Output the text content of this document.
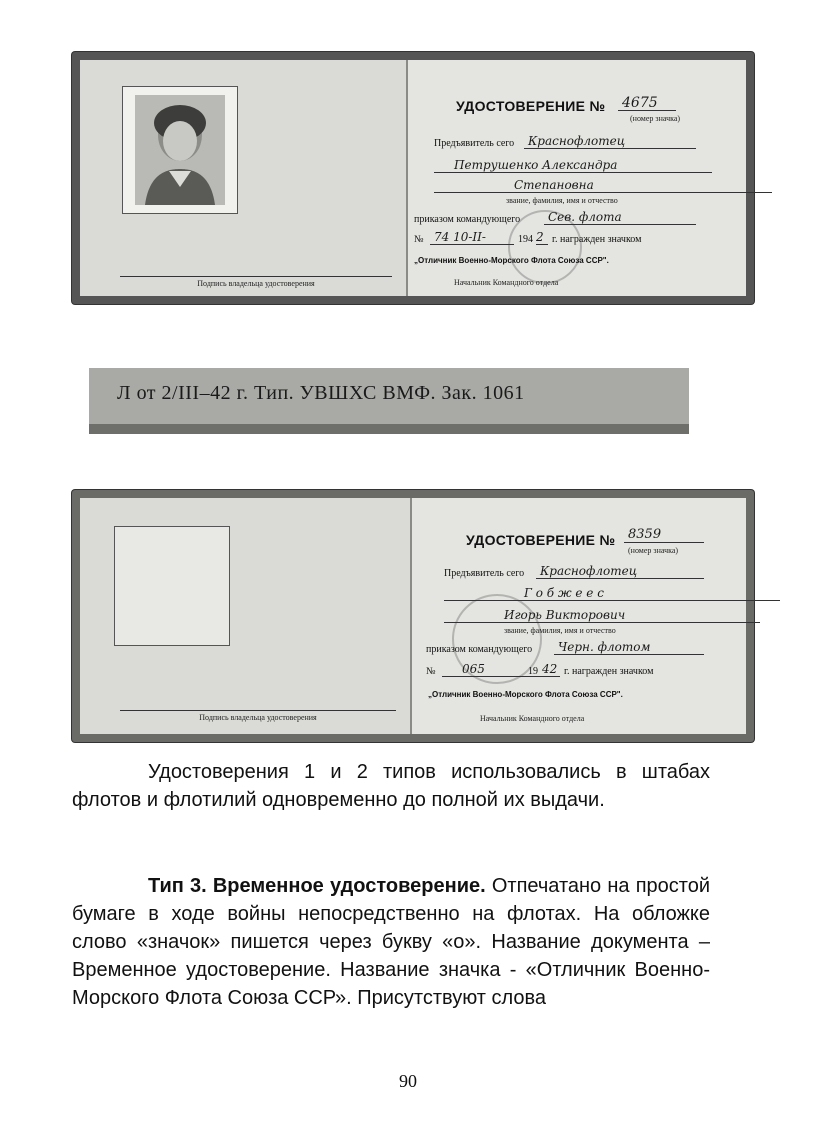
Подпись владельца удостоверения
УДОСТОВЕРЕНИЕ № 4675
(номер значка)
Предъявитель сего	Краснофлотец
Петрушенко Александра
Степановна
звание, фамилия, имя и отчество
приказом командующего	Сев. флота
№ 74 10-II-	194 2 г. награжден значком
„Отличник Военно-Морского Флота Союза ССР".
Начальник Командного отдела
Л от 2/III–42 г. Тип. УВШХС ВМФ. Зак. 1061
Подпись владельца удостоверения
УДОСТОВЕРЕНИЕ № 8359
(номер значка)
Предъявитель сего	Краснофлотец
Г о б ж е е с
Игорь Викторович
звание, фамилия, имя и отчество
приказом командующего	Черн. флотом
№	065	19 42 г. награжден значком
„Отличник Военно-Морского Флота Союза ССР".
Начальник Командного отдела

Удостоверения 1 и 2 типов использовались в штабах флотов и флотилий одновременно до полной их выдачи.

Тип 3. Временное удостоверение. Отпечатано на простой бумаге в ходе войны непосредственно на флотах. На обложке слово «значок» пишется через букву «о». Название документа – Временное удостоверение. Название значка - «Отличник Военно-Морского Флота Союза ССР». Присутствуют слова

90
